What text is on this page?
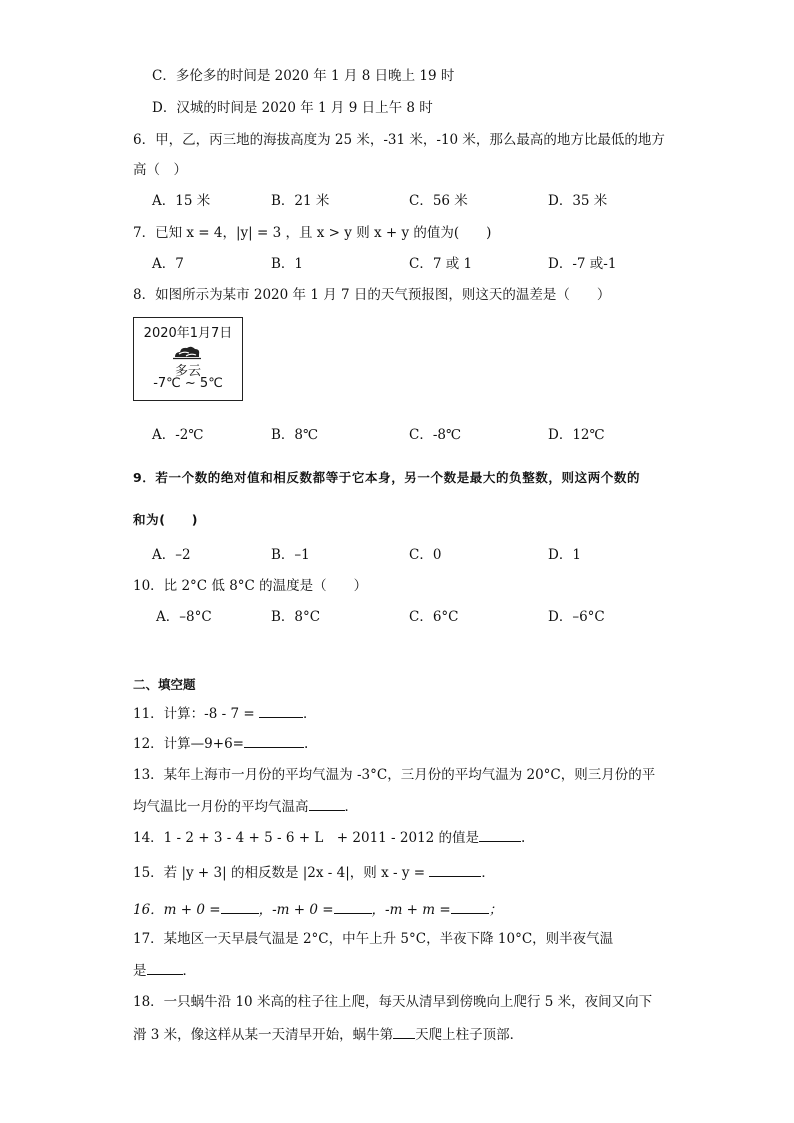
C．多伦多的时间是 2020 年 1 月 8 日晚上 19 时
D．汉城的时间是 2020 年 1 月 9 日上午 8 时
6．甲，乙，丙三地的海拔高度为 25 米，-31 米，-10 米，那么最高的地方比最低的地方
高（　）
A．15 米	B．21 米	C．56 米	D．35 米
7．已知 x = 4，|y| = 3 ，且 x > y 则 x + y 的值为(　　)
A．7	B．1	C．7 或 1	D．-7 或-1
8．如图所示为某市 2020 年 1 月 7 日的天气预报图，则这天的温差是（　　）
2020年1月7日
多云
-7℃ ~ 5℃
A．-2℃	B．8℃	C．-8℃	D．12℃
9．若一个数的绝对值和相反数都等于它本身，另一个数是最大的负整数，则这两个数的
和为(　　)
A．–2	B．–1	C．0	D．1
10．比 2°C 低 8°C 的温度是（　　）
A．–8°C	B．8°C	C．6°C	D．–6°C
二、填空题
11．计算：-8 - 7 =	．
12．计算—9+6=	.
13．某年上海市一月份的平均气温为 -3°C，三月份的平均气温为 20°C，则三月份的平
均气温比一月份的平均气温高	．
14．1 - 2 + 3 - 4 + 5 - 6 + L　+ 2011 - 2012 的值是	.
15．若 |y + 3| 的相反数是 |2x - 4|，则 x - y =	．
16．m + 0 =	，-m + 0 =	，-m + m =	；
17．某地区一天早晨气温是 2°C，中午上升 5°C，半夜下降 10°C，则半夜气温
是	．
18．一只蜗牛沿 10 米高的柱子往上爬，每天从清早到傍晚向上爬行 5 米，夜间又向下
滑 3 米，像这样从某一天清早开始，蜗牛第 天爬上柱子顶部．
